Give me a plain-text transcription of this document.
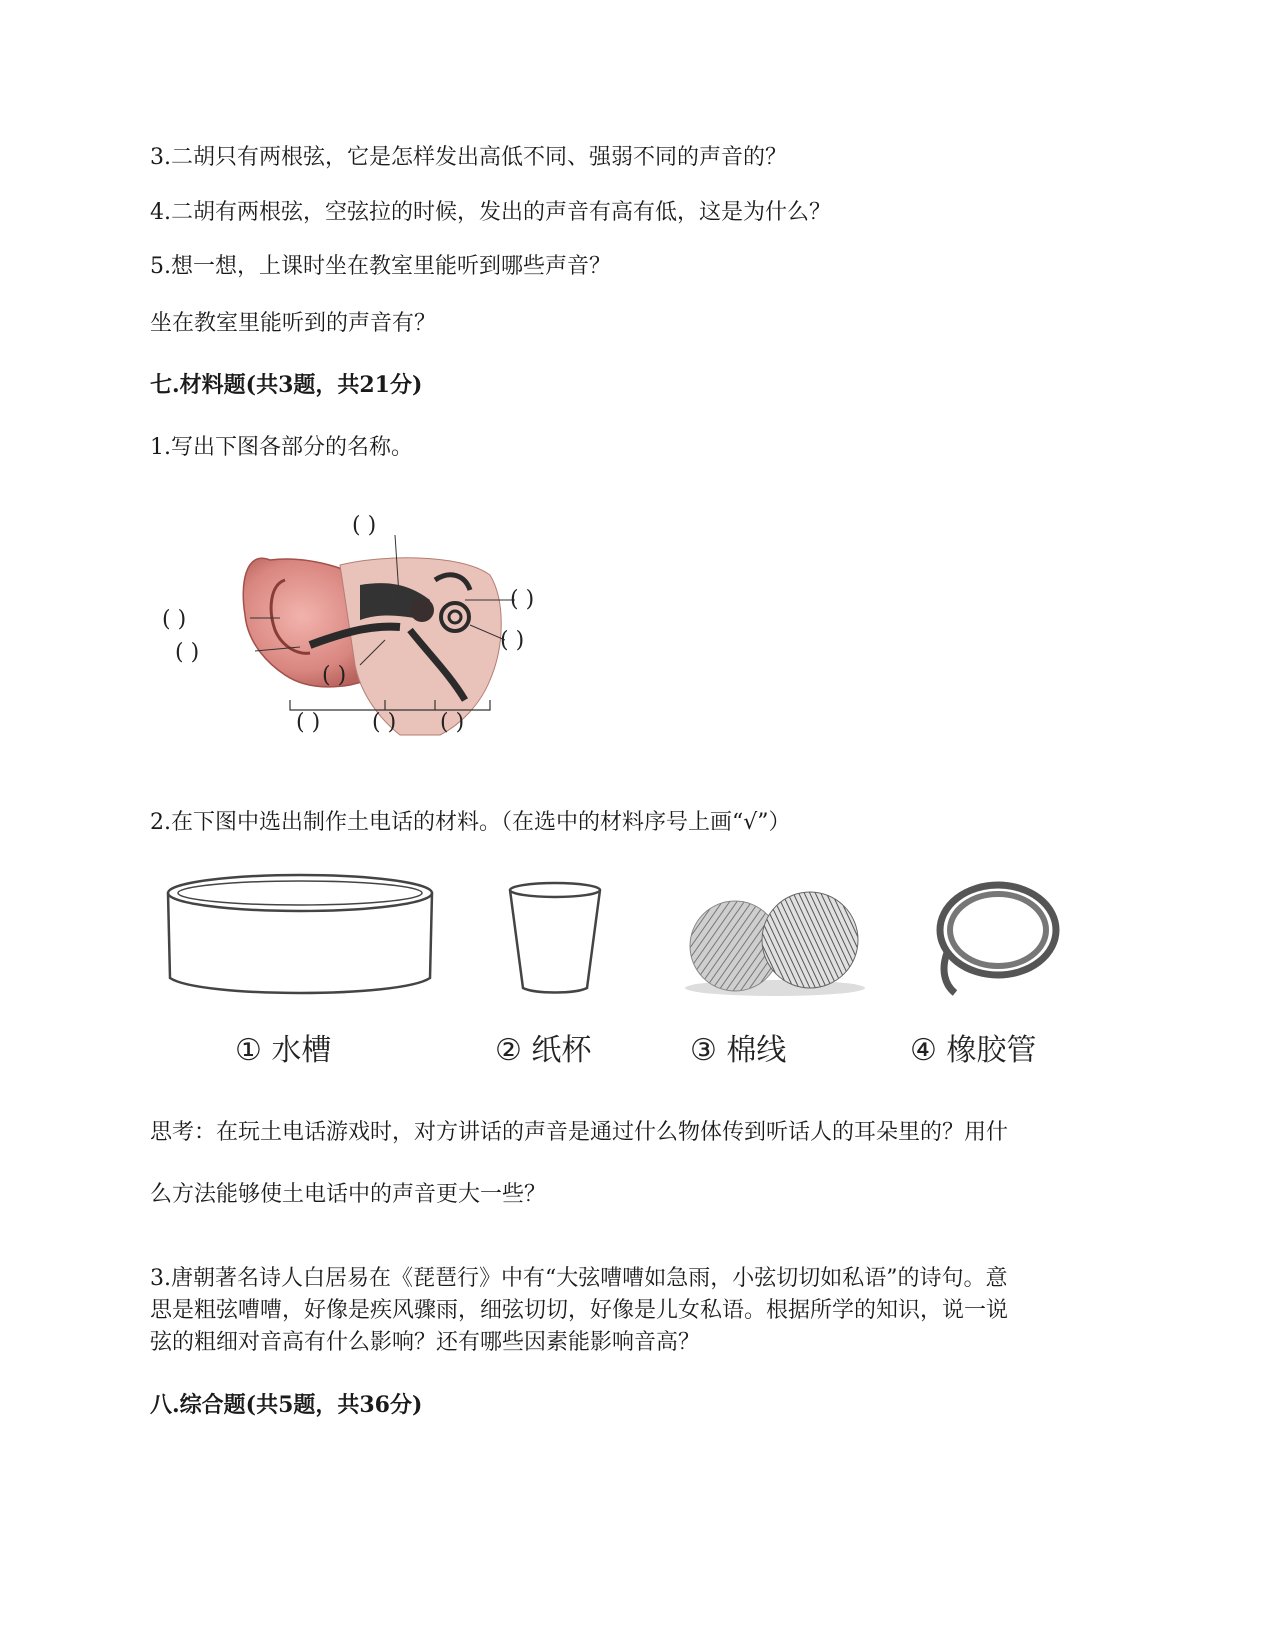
3.二胡只有两根弦，它是怎样发出高低不同、强弱不同的声音的？
4.二胡有两根弦，空弦拉的时候，发出的声音有高有低，这是为什么？
5.想一想，上课时坐在教室里能听到哪些声音？
坐在教室里能听到的声音有？
七.材料题(共3题，共21分)
1.写出下图各部分的名称。
( )
( )
( )
( )
( )
( )
( ) ( ) ( )
2.在下图中选出制作土电话的材料。（在选中的材料序号上画“√”）
① 水槽	② 纸杯	③ 棉线	④ 橡胶管
思考：在玩土电话游戏时，对方讲话的声音是通过什么物体传到听话人的耳朵里的？用什
么方法能够使土电话中的声音更大一些？

3.唐朝著名诗人白居易在《琵琶行》中有“大弦嘈嘈如急雨，小弦切切如私语”的诗句。意

思是粗弦嘈嘈，好像是疾风骤雨，细弦切切，好像是儿女私语。根据所学的知识，说一说

弦的粗细对音高有什么影响？还有哪些因素能影响音高？

八.综合题(共5题，共36分)
